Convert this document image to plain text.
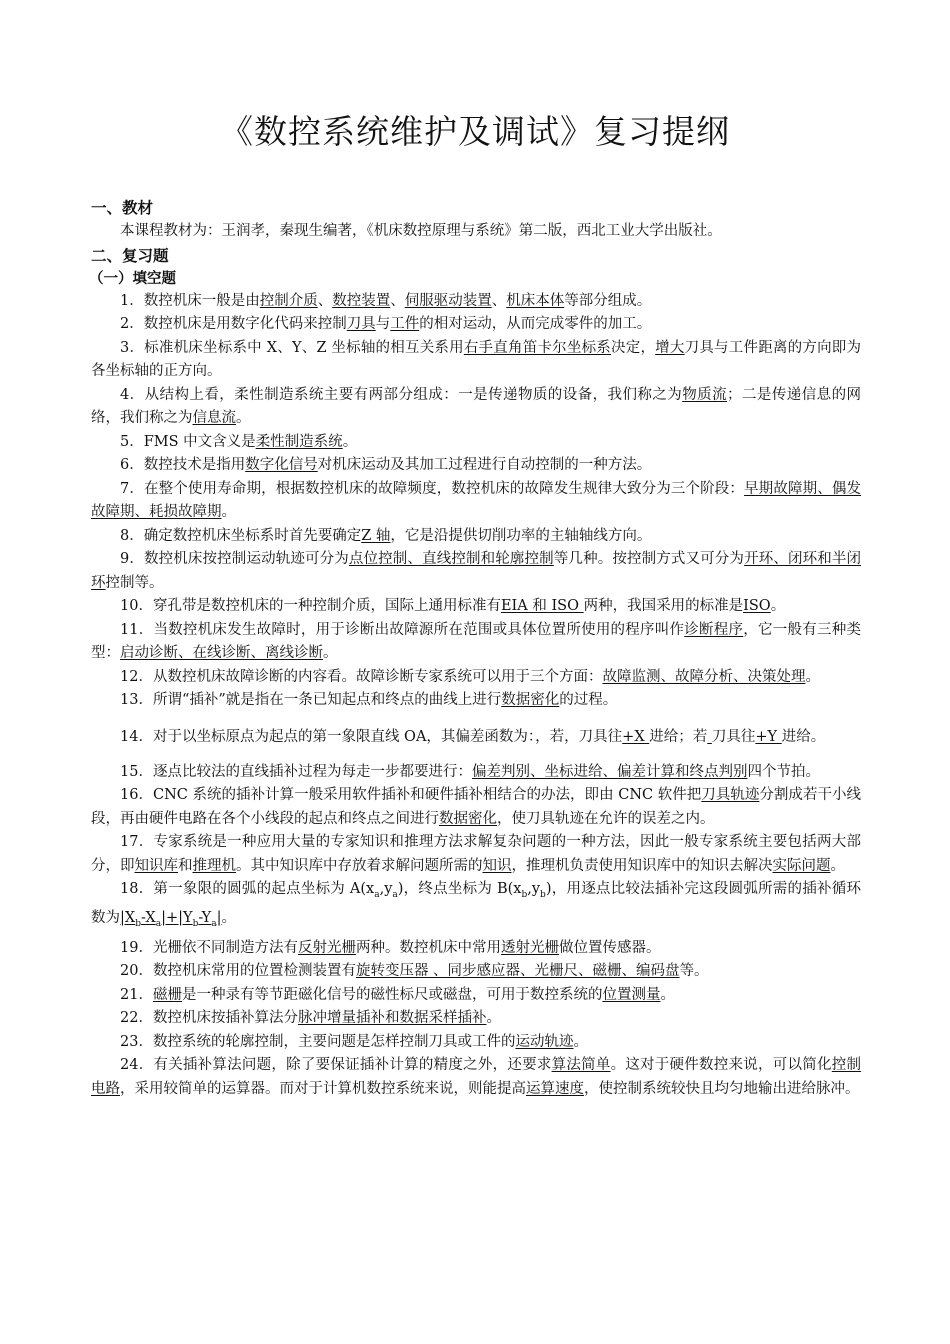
《数控系统维护及调试》复习提纲

一、教材

本课程教材为：王润孝，秦现生编著，《机床数控原理与系统》第二版，西北工业大学出版社。

二、复习题

（一）填空题

1．数控机床一般是由控制介质、数控装置、伺服驱动装置、机床本体等部分组成。

2．数控机床是用数字化代码来控制刀具与工件的相对运动，从而完成零件的加工。

3．标准机床坐标系中 X、Y、Z 坐标轴的相互关系用右手直角笛卡尔坐标系决定，增大刀具与工件距离的方向即为各坐标轴的正方向。

4．从结构上看，柔性制造系统主要有两部分组成：一是传递物质的设备，我们称之为物质流；二是传递信息的网络，我们称之为信息流。

5．FMS 中文含义是柔性制造系统。

6．数控技术是指用数字化信号对机床运动及其加工过程进行自动控制的一种方法。

7．在整个使用寿命期，根据数控机床的故障频度，数控机床的故障发生规律大致分为三个阶段：早期故障期、偶发故障期、耗损故障期。

8．确定数控机床坐标系时首先要确定Z 轴，它是沿提供切削功率的主轴轴线方向。

9．数控机床按控制运动轨迹可分为点位控制、直线控制和轮廓控制等几种。按控制方式又可分为开环、闭环和半闭环控制等。

10．穿孔带是数控机床的一种控制介质，国际上通用标准有EIA 和 ISO 两种，我国采用的标准是ISO。

11．当数控机床发生故障时，用于诊断出故障源所在范围或具体位置所使用的程序叫作诊断程序，它一般有三种类型：启动诊断、在线诊断、离线诊断。

12．从数控机床故障诊断的内容看。故障诊断专家系统可以用于三个方面：故障监测、故障分析、决策处理。

13．所谓“插补”就是指在一条已知起点和终点的曲线上进行数据密化的过程。

14．对于以坐标原点为起点的第一象限直线 OA，其偏差函数为：，若，刀具往+X 进给；若 刀具往+Y 进给。

15．逐点比较法的直线插补过程为每走一步都要进行：偏差判别、坐标进给、偏差计算和终点判别四个节拍。

16．CNC 系统的插补计算一般采用软件插补和硬件插补相结合的办法，即由 CNC 软件把刀具轨迹分割成若干小线段，再由硬件电路在各个小线段的起点和终点之间进行数据密化，使刀具轨迹在允许的误差之内。

17．专家系统是一种应用大量的专家知识和推理方法求解复杂问题的一种方法，因此一般专家系统主要包括两大部分，即知识库和推理机。其中知识库中存放着求解问题所需的知识，推理机负责使用知识库中的知识去解决实际问题。

18．第一象限的圆弧的起点坐标为 $A(x_a,y_a)$，终点坐标为 $B(x_b,y_b)$，用逐点比较法插补完这段圆弧所需的插补循环数为$|X_b-X_a|+|Y_b-Y_a|$。

19．光栅依不同制造方法有反射光栅两种。数控机床中常用透射光栅做位置传感器。

20．数控机床常用的位置检测装置有旋转变压器 、同步感应器、光栅尺、磁栅、编码盘等。

21．磁栅是一种录有等节距磁化信号的磁性标尺或磁盘，可用于数控系统的位置测量。

22．数控机床按插补算法分脉冲增量插补和数据采样插补。

23．数控系统的轮廓控制，主要问题是怎样控制刀具或工件的运动轨迹。

24．有关插补算法问题，除了要保证插补计算的精度之外，还要求算法简单。这对于硬件数控来说，可以简化控制电路，采用较简单的运算器。而对于计算机数控系统来说，则能提高运算速度，使控制系统较快且均匀地输出进给脉冲。
